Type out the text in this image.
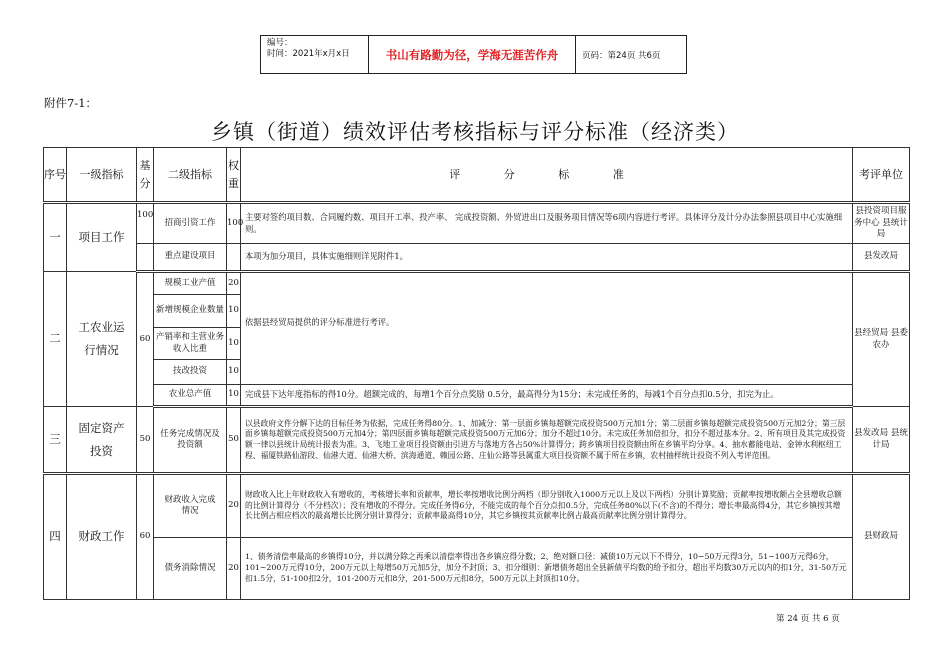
编号：
时间：2021年x月x日	书山有路勤为径，学海无涯苦作舟	页码：第24页 共6页
附件7-1：
乡镇（街道）绩效评估考核指标与评分标准（经济类）
序号	一级指标	基分	二级指标	权重	评 分 标 准	考评单位
一	项目工作	100	招商引资工作	100	主要对签约项目数、合同履约数、项目开工率、投产率、 完成投资额、外贸进出口及服务项目情况等6项内容进行考评。具体评分及计分办法参照县项目中心实施细则。	县投资项目服务中心 县统计局
			重点建设项目		本项为加分项目，具体实施细则详见附件1。	县发改局
二	工农业运行情况	60	规模工业产值	20	依据县经贸局提供的评分标准进行考评。	县经贸局 县委农办
			新增规模企业数量	10		
			产销率和主营业务收入比重	10		
			技改投资	10		
			农业总产值	10	完成县下达年度指标的得10分。超额完成的，每增1个百分点奖励 0.5分，最高得分为15分；未完成任务的，每减1个百分点扣0.5分，扣完为止。	
三	固定资产投资	50	任务完成情况及投资额	50	以县政府文件分解下达的目标任务为依据，完成任务得80分。1、加减分：第一层面乡镇每超额完成投资500万元加1分；第二层面乡镇每超额完成投资500万元加2分；第三层面乡镇每超额完成投资500万元加4分；第四层面乡镇每超额完成投资500万元加6分；加分不超过10分。未完成任务加倍扣分，扣分不超过基本分。2、所有项目及其完成投资额一律以县统计局统计报表为准。3、飞地工业项目投资额由引进方与落地方各占50%计算得分；跨乡镇项目投资额由所在乡镇平均分享。4、抽水蓄能电站、金钟水利枢纽工程、福厦铁路仙游段、仙港大道、仙港大桥、滨海通道、赖园公路、庄仙公路等县属重大项目投资额不属于所在乡镇，农村抽样统计投资不列入考评范围。	县发改局 县统计局
四	财政工作	60	财政收入完成情况	20	财政收入比上年财政收入有增收的，考核增长率和贡献率，增长率按增收比例分两档（即分别收入1000万元以上及以下两档）分别计算奖励；贡献率按增收额占全县增收总额的比例计算得分（不分档次）；没有增收的不得分。完成任务得6分，不能完成的每个百分点扣0.5分，完成任务80%以下(不含)的不得分；增长率最高得4分，其它乡镇按其增长比例占相应档次的最高增长比例分别计算得分；贡献率最高得10分，其它乡镇按其贡献率比例占最高贡献率比例分别计算得分。	县财政局
			债务消除情况	20	1、债务清偿率最高的乡镇得10分，并以满分除之再乘以清偿率得出各乡镇应得分数；2、绝对额口径：减债10万元以下不得分，10~50万元得3分，51~100万元得6分，101~200万元得10分，200万元以上每增50万元加5分，加分不封顶；3、扣分细则：新增债务超出全县新债平均数的给予扣分，超出平均数30万元以内的扣1分，31-50万元扣1.5分，51-100扣2分，101-200万元扣8分，201-500万元扣8分，500万元以上封顶扣10分。	
第 24 页 共 6 页
